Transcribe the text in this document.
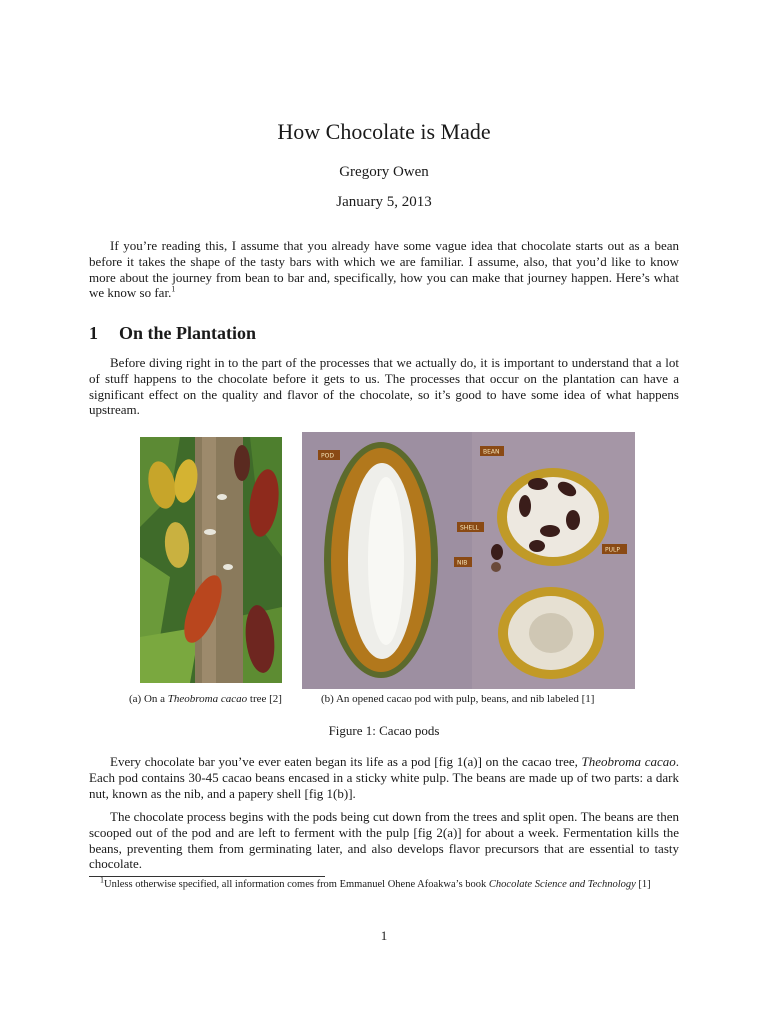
How Chocolate is Made
Gregory Owen
January 5, 2013

If you’re reading this, I assume that you already have some vague idea that chocolate starts out as a bean before it takes the shape of the tasty bars with which we are familiar. I assume, also, that you’d like to know more about the journey from bean to bar and, specifically, how you can make that journey happen. Here’s what we know so far.$^1$

1 On the Plantation

Before diving right in to the part of the processes that we actually do, it is important to understand that a lot of stuff happens to the chocolate before it gets to us. The processes that occur on the plantation can have a significant effect on the quality and flavor of the chocolate, so it’s good to have some idea of what happens upstream.

POD
BEAN
SHELL
NIB
PULP
(a) On a Theobroma cacao tree [2]	(b) An opened cacao pod with pulp, beans, and nib labeled [1]
Figure 1: Cacao pods

Every chocolate bar you’ve ever eaten began its life as a pod [fig 1(a)] on the cacao tree, Theobroma cacao. Each pod contains 30-45 cacao beans encased in a sticky white pulp. The beans are made up of two parts: a dark nut, known as the nib, and a papery shell [fig 1(b)].

The chocolate process begins with the pods being cut down from the trees and split open. The beans are then scooped out of the pod and are left to ferment with the pulp [fig 2(a)] for about a week. Fermentation kills the beans, preventing them from germinating later, and also develops flavor precursors that are essential to tasty chocolate.

$^1$Unless otherwise specified, all information comes from Emmanuel Ohene Afoakwa’s book Chocolate Science and Technology [1]

1
